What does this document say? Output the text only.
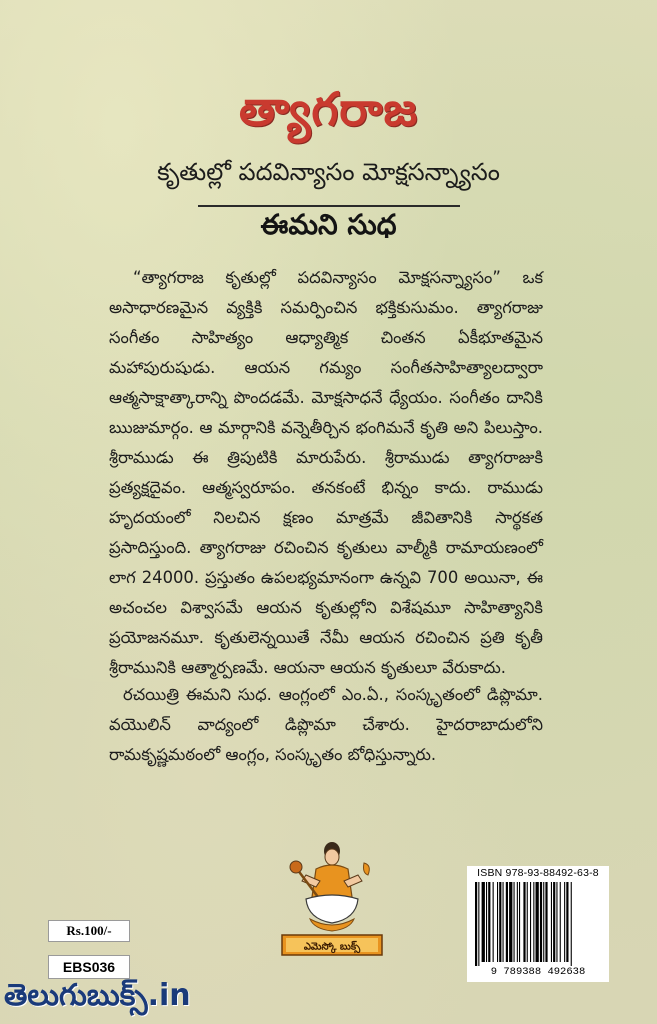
త్యాగరాజ
కృతుల్లో పదవిన్యాసం మోక్షసన్న్యాసం
ఈమని సుధ

“త్యాగరాజ కృతుల్లో పదవిన్యాసం మోక్షసన్న్యాసం” ఒక అసాధారణమైన వ్యక్తికి సమర్పించిన భక్తికుసుమం. త్యాగరాజు సంగీతం సాహిత్యం ఆధ్యాత్మిక చింతన ఏకీభూతమైన మహాపురుషుడు. ఆయన గమ్యం సంగీతసాహిత్యాలద్వారా ఆత్మసాక్షాత్కారాన్ని పొందడమే. మోక్షసాధనే ధ్యేయం. సంగీతం దానికి ఋజుమార్గం. ఆ మార్గానికి వన్నెతీర్చిన భంగిమనే కృతి అని పిలుస్తాం. శ్రీరాముడు ఈ త్రిపుటికి మారుపేరు. శ్రీరాముడు త్యాగరాజుకి ప్రత్యక్షదైవం. ఆత్మస్వరూపం. తనకంటే భిన్నం కాదు. రాముడు హృదయంలో నిలచిన క్షణం మాత్రమే జీవితానికి సార్థకత ప్రసాదిస్తుంది. త్యాగరాజు రచించిన కృతులు వాల్మీకి రామాయణంలో లాగ 24000. ప్రస్తుతం ఉపలభ్యమానంగా ఉన్నవి 700 అయినా, ఈ అచంచల విశ్వాసమే ఆయన కృతుల్లోని విశేషమూ సాహిత్యానికి ప్రయోజనమూ. కృతులెన్నయితే నేమీ ఆయన రచించిన ప్రతి కృతీ శ్రీరామునికి ఆత్మార్పణమే. ఆయనా ఆయన కృతులూ వేరుకాదు.

రచయిత్రి ఈమని సుధ. ఆంగ్లంలో ఎం.ఏ., సంస్కృతంలో డిప్లొమా. వయొలిన్ వాద్యంలో డిప్లొమా చేశారు. హైదరాబాదులోని రామకృష్ణమఠంలో ఆంగ్లం, సంస్కృతం బోధిస్తున్నారు.

ఎమెస్కో బుక్స్
ISBN 978-93-88492-63-8
9 789388 492638
Rs.100/-
EBS036
తెలుగుబుక్స్.in
